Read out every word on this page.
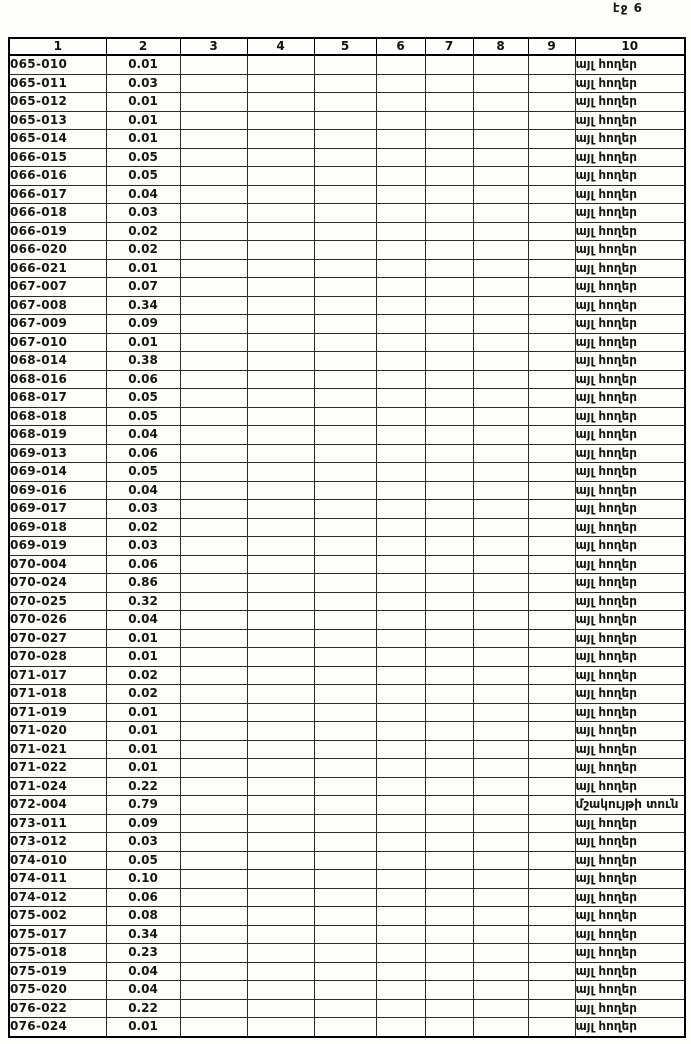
էջ 6
1	2	3	4	5	6	7	8	9	10
065-010	0.01								այլ հողեր
065-011	0.03								այլ հողեր
065-012	0.01								այլ հողեր
065-013	0.01								այլ հողեր
065-014	0.01								այլ հողեր
066-015	0.05								այլ հողեր
066-016	0.05								այլ հողեր
066-017	0.04								այլ հողեր
066-018	0.03								այլ հողեր
066-019	0.02								այլ հողեր
066-020	0.02								այլ հողեր
066-021	0.01								այլ հողեր
067-007	0.07								այլ հողեր
067-008	0.34								այլ հողեր
067-009	0.09								այլ հողեր
067-010	0.01								այլ հողեր
068-014	0.38								այլ հողեր
068-016	0.06								այլ հողեր
068-017	0.05								այլ հողեր
068-018	0.05								այլ հողեր
068-019	0.04								այլ հողեր
069-013	0.06								այլ հողեր
069-014	0.05								այլ հողեր
069-016	0.04								այլ հողեր
069-017	0.03								այլ հողեր
069-018	0.02								այլ հողեր
069-019	0.03								այլ հողեր
070-004	0.06								այլ հողեր
070-024	0.86								այլ հողեր
070-025	0.32								այլ հողեր
070-026	0.04								այլ հողեր
070-027	0.01								այլ հողեր
070-028	0.01								այլ հողեր
071-017	0.02								այլ հողեր
071-018	0.02								այլ հողեր
071-019	0.01								այլ հողեր
071-020	0.01								այլ հողեր
071-021	0.01								այլ հողեր
071-022	0.01								այլ հողեր
071-024	0.22								այլ հողեր
072-004	0.79								մշակույթի տուն
073-011	0.09								այլ հողեր
073-012	0.03								այլ հողեր
074-010	0.05								այլ հողեր
074-011	0.10								այլ հողեր
074-012	0.06								այլ հողեր
075-002	0.08								այլ հողեր
075-017	0.34								այլ հողեր
075-018	0.23								այլ հողեր
075-019	0.04								այլ հողեր
075-020	0.04								այլ հողեր
076-022	0.22								այլ հողեր
076-024	0.01								այլ հողեր
